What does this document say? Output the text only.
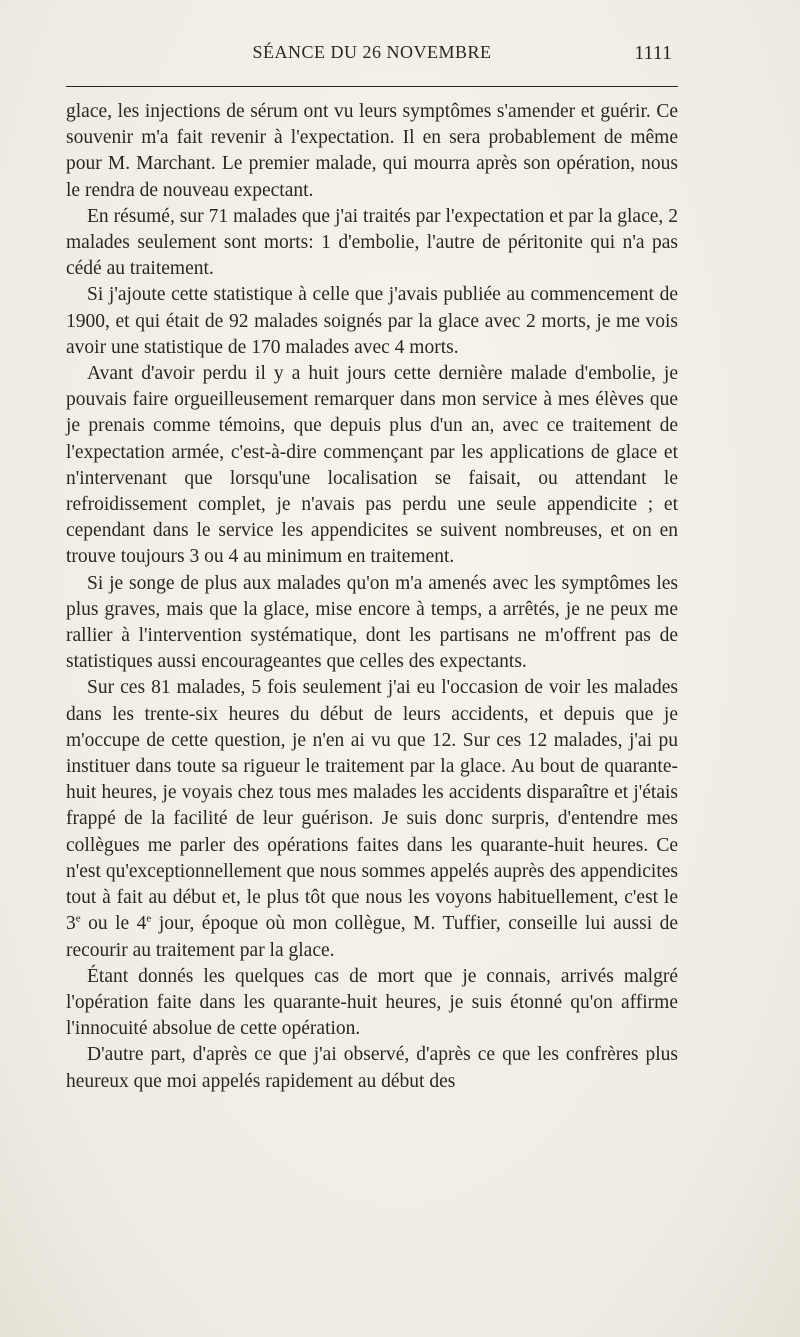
SÉANCE DU 26 NOVEMBRE	1111

glace, les injections de sérum ont vu leurs symptômes s'amender et guérir. Ce souvenir m'a fait revenir à l'expectation. Il en sera probablement de même pour M. Marchant. Le premier malade, qui mourra après son opération, nous le rendra de nouveau expectant.

En résumé, sur 71 malades que j'ai traités par l'expectation et par la glace, 2 malades seulement sont morts: 1 d'embolie, l'autre de péritonite qui n'a pas cédé au traitement.

Si j'ajoute cette statistique à celle que j'avais publiée au commencement de 1900, et qui était de 92 malades soignés par la glace avec 2 morts, je me vois avoir une statistique de 170 malades avec 4 morts.

Avant d'avoir perdu il y a huit jours cette dernière malade d'embolie, je pouvais faire orgueilleusement remarquer dans mon service à mes élèves que je prenais comme témoins, que depuis plus d'un an, avec ce traitement de l'expectation armée, c'est-à-dire commençant par les applications de glace et n'intervenant que lorsqu'une localisation se faisait, ou attendant le refroidissement complet, je n'avais pas perdu une seule appendicite ; et cependant dans le service les appendicites se suivent nombreuses, et on en trouve toujours 3 ou 4 au minimum en traitement.

Si je songe de plus aux malades qu'on m'a amenés avec les symptômes les plus graves, mais que la glace, mise encore à temps, a arrêtés, je ne peux me rallier à l'intervention systématique, dont les partisans ne m'offrent pas de statistiques aussi encourageantes que celles des expectants.

Sur ces 81 malades, 5 fois seulement j'ai eu l'occasion de voir les malades dans les trente-six heures du début de leurs accidents, et depuis que je m'occupe de cette question, je n'en ai vu que 12. Sur ces 12 malades, j'ai pu instituer dans toute sa rigueur le traitement par la glace. Au bout de quarante-huit heures, je voyais chez tous mes malades les accidents disparaître et j'étais frappé de la facilité de leur guérison. Je suis donc surpris, d'entendre mes collègues me parler des opérations faites dans les quarante-huit heures. Ce n'est qu'exceptionnellement que nous sommes appelés auprès des appendicites tout à fait au début et, le plus tôt que nous les voyons habituellement, c'est le 3e ou le 4e jour, époque où mon collègue, M. Tuffier, conseille lui aussi de recourir au traitement par la glace.

Étant donnés les quelques cas de mort que je connais, arrivés malgré l'opération faite dans les quarante-huit heures, je suis étonné qu'on affirme l'innocuité absolue de cette opération.

D'autre part, d'après ce que j'ai observé, d'après ce que les confrères plus heureux que moi appelés rapidement au début des
